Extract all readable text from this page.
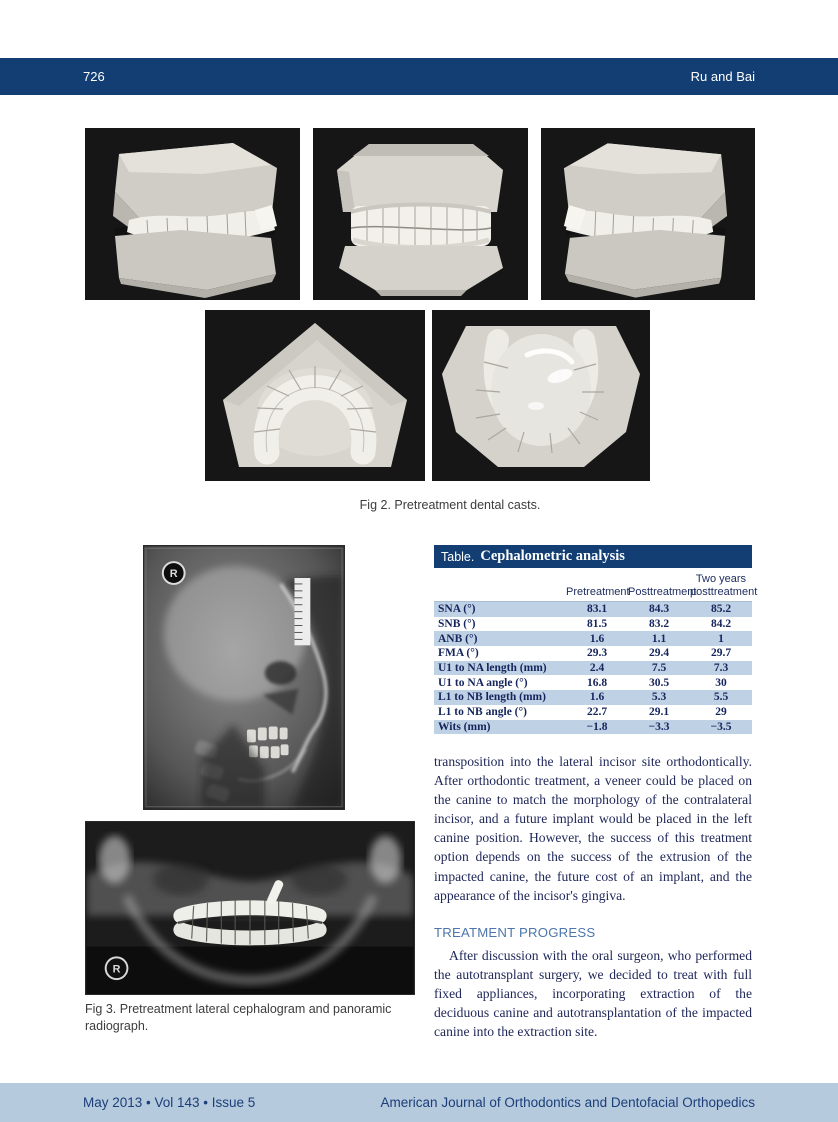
726	Ru and Bai
Fig 2. Pretreatment dental casts.
R
R
Fig 3. Pretreatment lateral cephalogram and panoramic radiograph.
Table. Cephalometric analysis
Pretreatment
Posttreatment
Two years
posttreatment
SNA (°)	83.1	84.3	85.2
SNB (°)	81.5	83.2	84.2
ANB (°)	1.6	1.1	1
FMA (°)	29.3	29.4	29.7
U1 to NA length (mm)	2.4	7.5	7.3
U1 to NA angle (°)	16.8	30.5	30
L1 to NB length (mm)	1.6	5.3	5.5
L1 to NB angle (°)	22.7	29.1	29
Wits (mm)	−1.8	−3.3	−3.5
transposition into the lateral incisor site orthodontically. After orthodontic treatment, a veneer could be placed on the canine to match the morphology of the contralateral incisor, and a future implant would be placed in the left canine position. However, the success of this treatment option depends on the success of the extrusion of the impacted canine, the future cost of an implant, and the appearance of the incisor's gingiva.
TREATMENT PROGRESS
After discussion with the oral surgeon, who performed the autotransplant surgery, we decided to treat with full fixed appliances, incorporating extraction of the deciduous canine and autotransplantation of the impacted canine into the extraction site.
May 2013 • Vol 143 • Issue 5	American Journal of Orthodontics and Dentofacial Orthopedics
